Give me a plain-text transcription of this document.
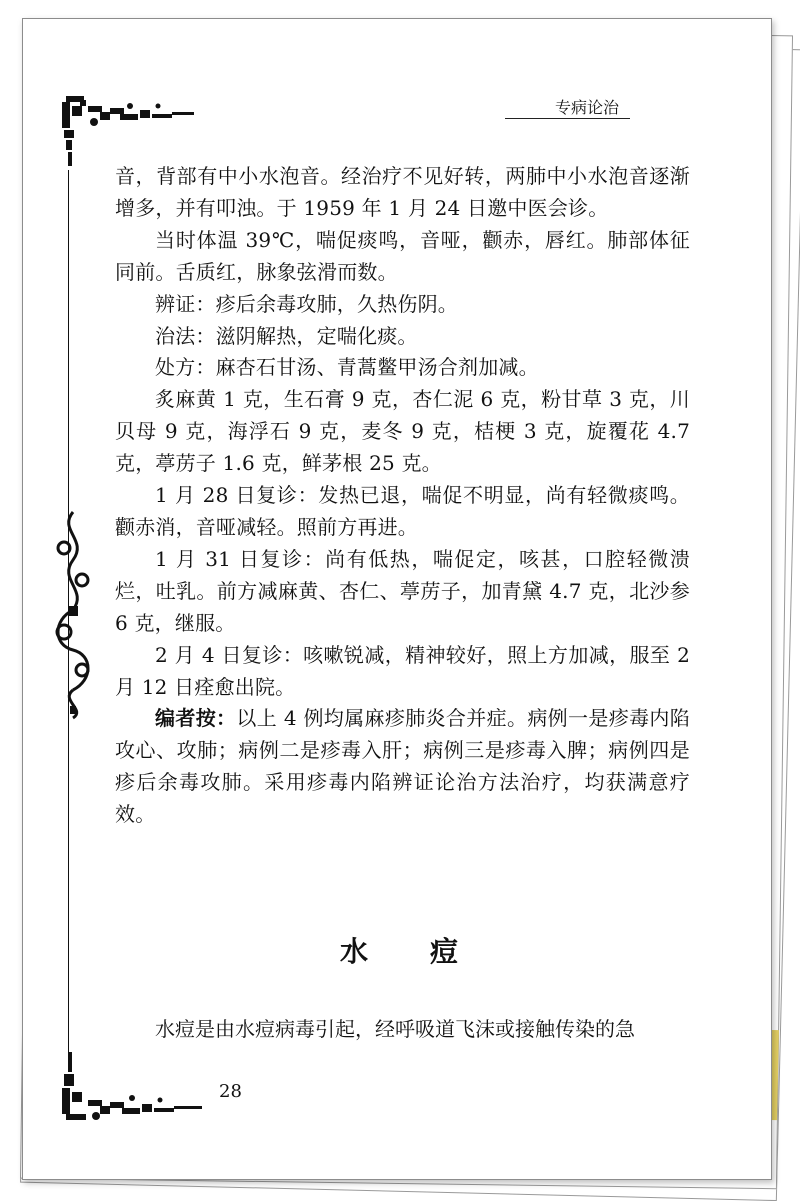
专病论治

音，背部有中小水泡音。经治疗不见好转，两肺中小水泡音逐渐增多，并有叩浊。于 1959 年 1 月 24 日邀中医会诊。

当时体温 39℃，喘促痰鸣，音哑，颧赤，唇红。肺部体征同前。舌质红，脉象弦滑而数。

辨证：疹后余毒攻肺，久热伤阴。

治法：滋阴解热，定喘化痰。

处方：麻杏石甘汤、青蒿鳖甲汤合剂加减。

炙麻黄 1 克，生石膏 9 克，杏仁泥 6 克，粉甘草 3 克，川贝母 9 克，海浮石 9 克，麦冬 9 克，桔梗 3 克，旋覆花 4.7 克，葶苈子 1.6 克，鲜茅根 25 克。

1 月 28 日复诊：发热已退，喘促不明显，尚有轻微痰鸣。颧赤消，音哑减轻。照前方再进。

1 月 31 日复诊：尚有低热，喘促定，咳甚，口腔轻微溃烂，吐乳。前方减麻黄、杏仁、葶苈子，加青黛 4.7 克，北沙参 6 克，继服。

2 月 4 日复诊：咳嗽锐减，精神较好，照上方加减，服至 2 月 12 日痊愈出院。

编者按：以上 4 例均属麻疹肺炎合并症。病例一是疹毒内陷攻心、攻肺；病例二是疹毒入肝；病例三是疹毒入脾；病例四是疹后余毒攻肺。采用疹毒内陷辨证论治方法治疗，均获满意疗效。

水 痘

水痘是由水痘病毒引起，经呼吸道飞沫或接触传染的急

28
